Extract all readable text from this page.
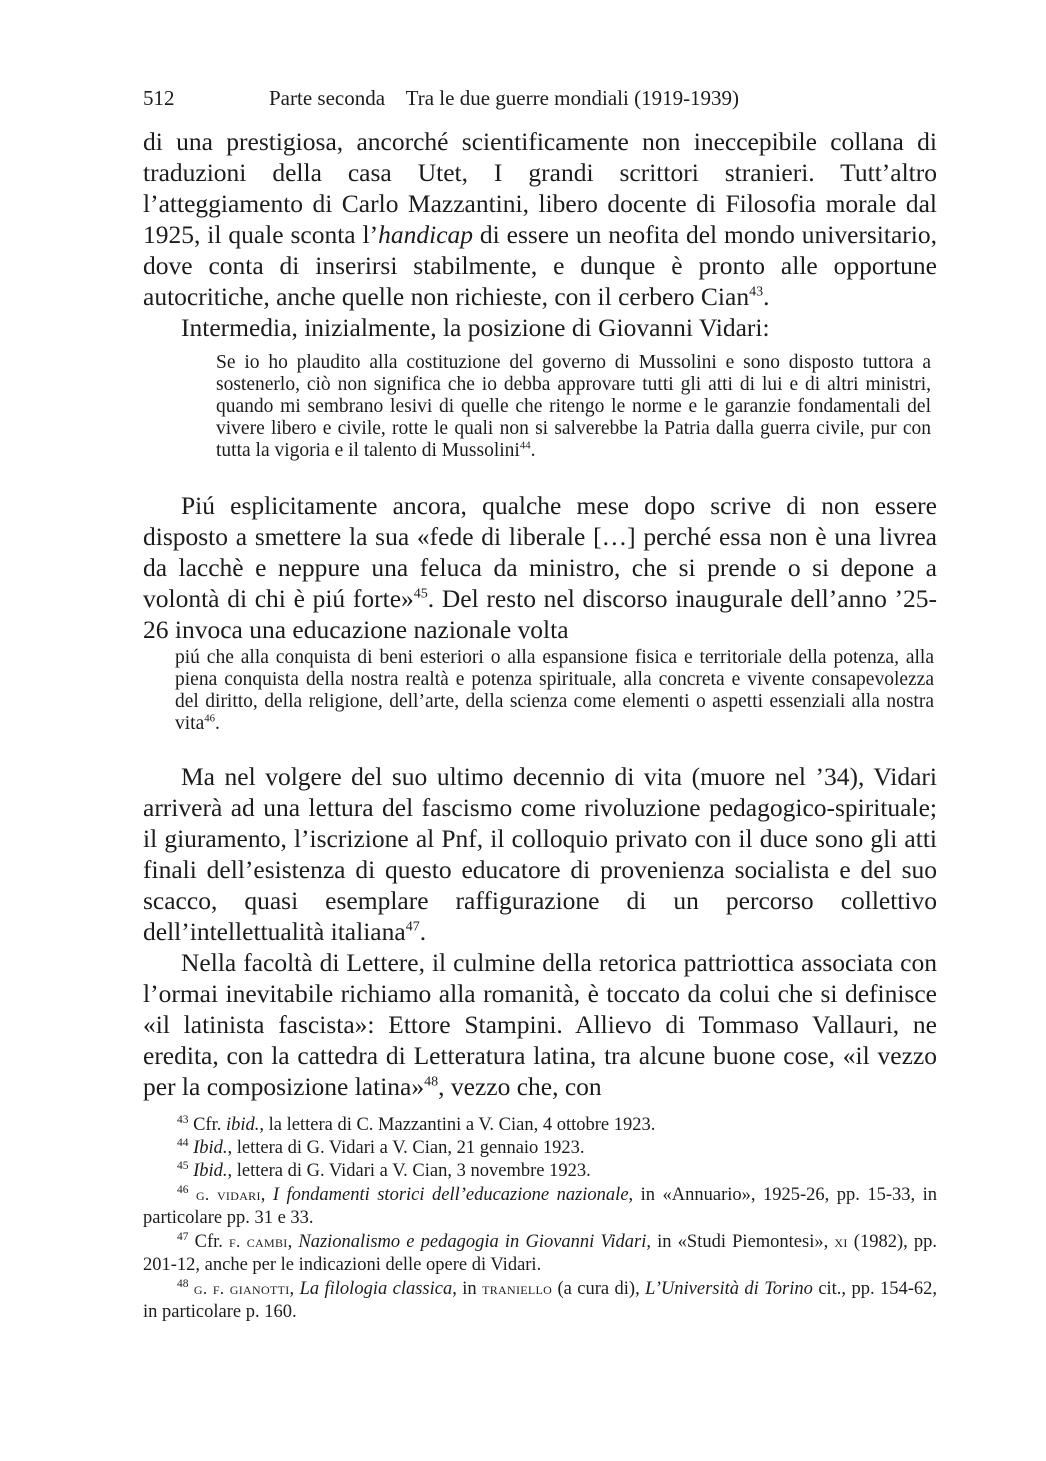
512	Parte seconda    Tra le due guerre mondiali (1919-1939)

di una prestigiosa, ancorché scientificamente non ineccepibile collana di traduzioni della casa Utet, I grandi scrittori stranieri. Tutt’altro l’atteggiamento di Carlo Mazzantini, libero docente di Filosofia morale dal 1925, il quale sconta l’handicap di essere un neofita del mondo universitario, dove conta di inserirsi stabilmente, e dunque è pronto alle opportune autocritiche, anche quelle non richieste, con il cerbero Cian$^{43}$.

Intermedia, inizialmente, la posizione di Giovanni Vidari:

Se io ho plaudito alla costituzione del governo di Mussolini e sono disposto tuttora a sostenerlo, ciò non significa che io debba approvare tutti gli atti di lui e di altri ministri, quando mi sembrano lesivi di quelle che ritengo le norme e le garanzie fondamentali del vivere libero e civile, rotte le quali non si salverebbe la Patria dalla guerra civile, pur con tutta la vigoria e il talento di Mussolini$^{44}$.

Piú esplicitamente ancora, qualche mese dopo scrive di non essere disposto a smettere la sua «fede di liberale […] perché essa non è una livrea da lacchè e neppure una feluca da ministro, che si prende o si depone a volontà di chi è piú forte»$^{45}$. Del resto nel discorso inaugurale dell’anno ’25-26 invoca una educazione nazionale volta

piú che alla conquista di beni esteriori o alla espansione fisica e territoriale della potenza, alla piena conquista della nostra realtà e potenza spirituale, alla concreta e vivente consapevolezza del diritto, della religione, dell’arte, della scienza come elementi o aspetti essenziali alla nostra vita$^{46}$.

Ma nel volgere del suo ultimo decennio di vita (muore nel ’34), Vidari arriverà ad una lettura del fascismo come rivoluzione pedagogico-spirituale; il giuramento, l’iscrizione al Pnf, il colloquio privato con il duce sono gli atti finali dell’esistenza di questo educatore di provenienza socialista e del suo scacco, quasi esemplare raffigurazione di un percorso collettivo dell’intellettualità italiana$^{47}$.

Nella facoltà di Lettere, il culmine della retorica pattriottica associata con l’ormai inevitabile richiamo alla romanità, è toccato da colui che si definisce «il latinista fascista»: Ettore Stampini. Allievo di Tommaso Vallauri, ne eredita, con la cattedra di Letteratura latina, tra alcune buone cose, «il vezzo per la composizione latina»$^{48}$, vezzo che, con

$^{43}$ Cfr. ibid., la lettera di C. Mazzantini a V. Cian, 4 ottobre 1923.

$^{44}$ Ibid., lettera di G. Vidari a V. Cian, 21 gennaio 1923.

$^{45}$ Ibid., lettera di G. Vidari a V. Cian, 3 novembre 1923.

$^{46}$ g. vidari, I fondamenti storici dell’educazione nazionale, in «Annuario», 1925-26, pp. 15-33, in particolare pp. 31 e 33.

$^{47}$ Cfr. f. cambi, Nazionalismo e pedagogia in Giovanni Vidari, in «Studi Piemontesi», xi (1982), pp. 201-12, anche per le indicazioni delle opere di Vidari.

$^{48}$ g. f. gianotti, La filologia classica, in traniello (a cura di), L’Università di Torino cit., pp. 154-62, in particolare p. 160.
